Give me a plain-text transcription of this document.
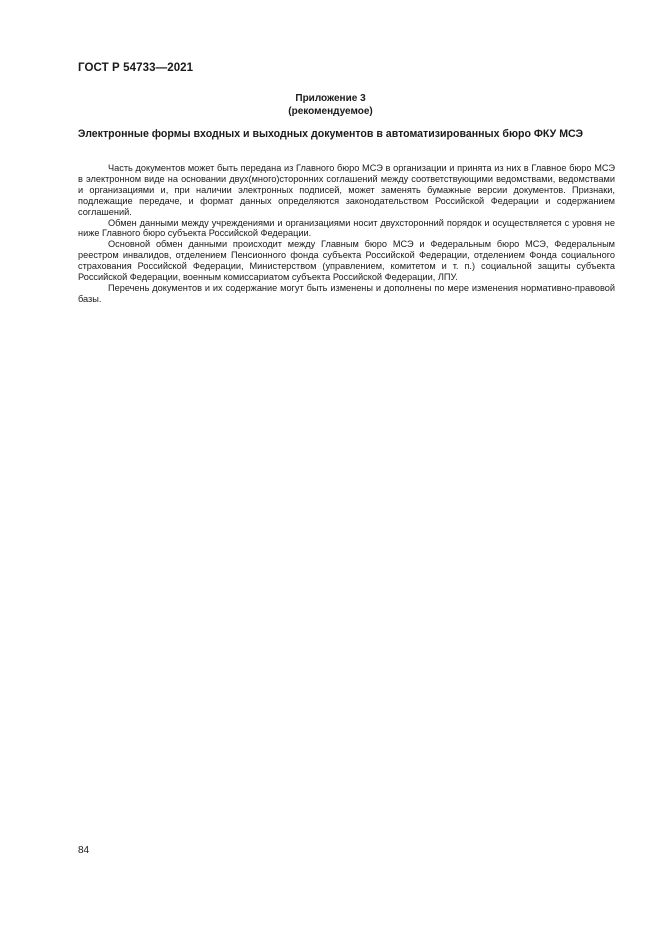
ГОСТ Р 54733—2021
Приложение 3
(рекомендуемое)
Электронные формы входных и выходных документов в автоматизированных бюро ФКУ МСЭ

Часть документов может быть передана из Главного бюро МСЭ в организации и принята из них в Главное бюро МСЭ в электронном виде на основании двух(много)сторонних соглашений между соответствующими ведомствами, ведомствами и организациями и, при наличии электронных подписей, может заменять бумажные версии документов. Признаки, подлежащие передаче, и формат данных определяются законодательством Российской Федерации и содержанием соглашений.

Обмен данными между учреждениями и организациями носит двухсторонний порядок и осуществляется с уровня не ниже Главного бюро субъекта Российской Федерации.

Основной обмен данными происходит между Главным бюро МСЭ и Федеральным бюро МСЭ, Федеральным реестром инвалидов, отделением Пенсионного фонда субъекта Российской Федерации, отделением Фонда социального страхования Российской Федерации, Министерством (управлением, комитетом и т. п.) социальной защиты субъекта Российской Федерации, военным комиссариатом субъекта Российской Федерации, ЛПУ.

Перечень документов и их содержание могут быть изменены и дополнены по мере изменения нормативно-правовой базы.

84
